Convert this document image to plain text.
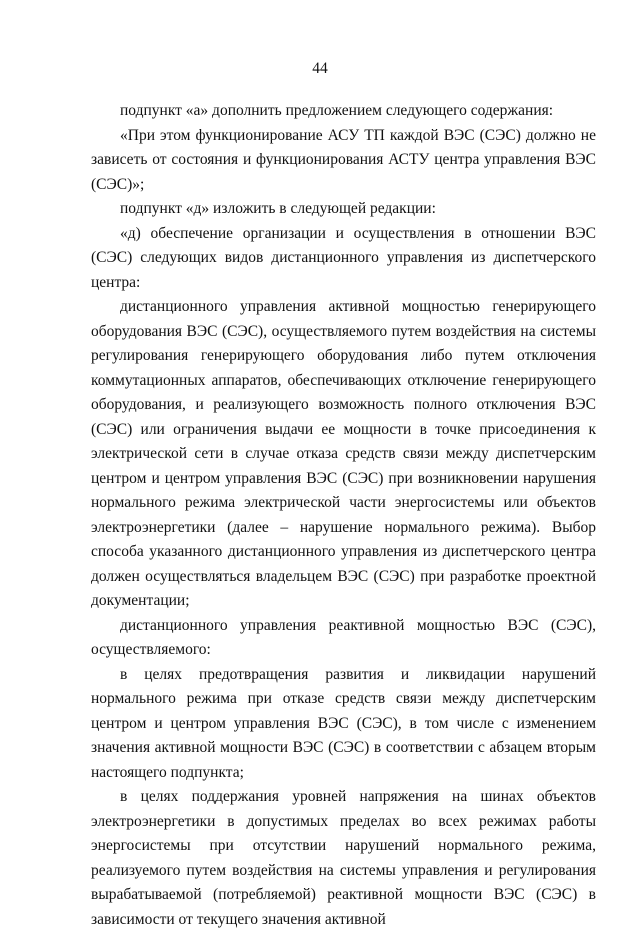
44

подпункт «а» дополнить предложением следующего содержания:

«При этом функционирование АСУ ТП каждой ВЭС (СЭС) должно не зависеть от состояния и функционирования АСТУ центра управления ВЭС (СЭС)»;

подпункт «д» изложить в следующей редакции:

«д) обеспечение организации и осуществления в отношении ВЭС (СЭС) следующих видов дистанционного управления из диспетчерского центра:

дистанционного управления активной мощностью генерирующего оборудования ВЭС (СЭС), осуществляемого путем воздействия на системы регулирования генерирующего оборудования либо путем отключения коммутационных аппаратов, обеспечивающих отключение генерирующего оборудования, и реализующего возможность полного отключения ВЭС (СЭС) или ограничения выдачи ее мощности в точке присоединения к электрической сети в случае отказа средств связи между диспетчерским центром и центром управления ВЭС (СЭС) при возникновении нарушения нормального режима электрической части энергосистемы или объектов электроэнергетики (далее – нарушение нормального режима). Выбор способа указанного дистанционного управления из диспетчерского центра должен осуществляться владельцем ВЭС (СЭС) при разработке проектной документации;

дистанционного управления реактивной мощностью ВЭС (СЭС), осуществляемого:

в целях предотвращения развития и ликвидации нарушений нормального режима при отказе средств связи между диспетчерским центром и центром управления ВЭС (СЭС), в том числе с изменением значения активной мощности ВЭС (СЭС) в соответствии с абзацем вторым настоящего подпункта;

в целях поддержания уровней напряжения на шинах объектов электроэнергетики в допустимых пределах во всех режимах работы энергосистемы при отсутствии нарушений нормального режима, реализуемого путем воздействия на системы управления и регулирования вырабатываемой (потребляемой) реактивной мощности ВЭС (СЭС) в зависимости от текущего значения активной
